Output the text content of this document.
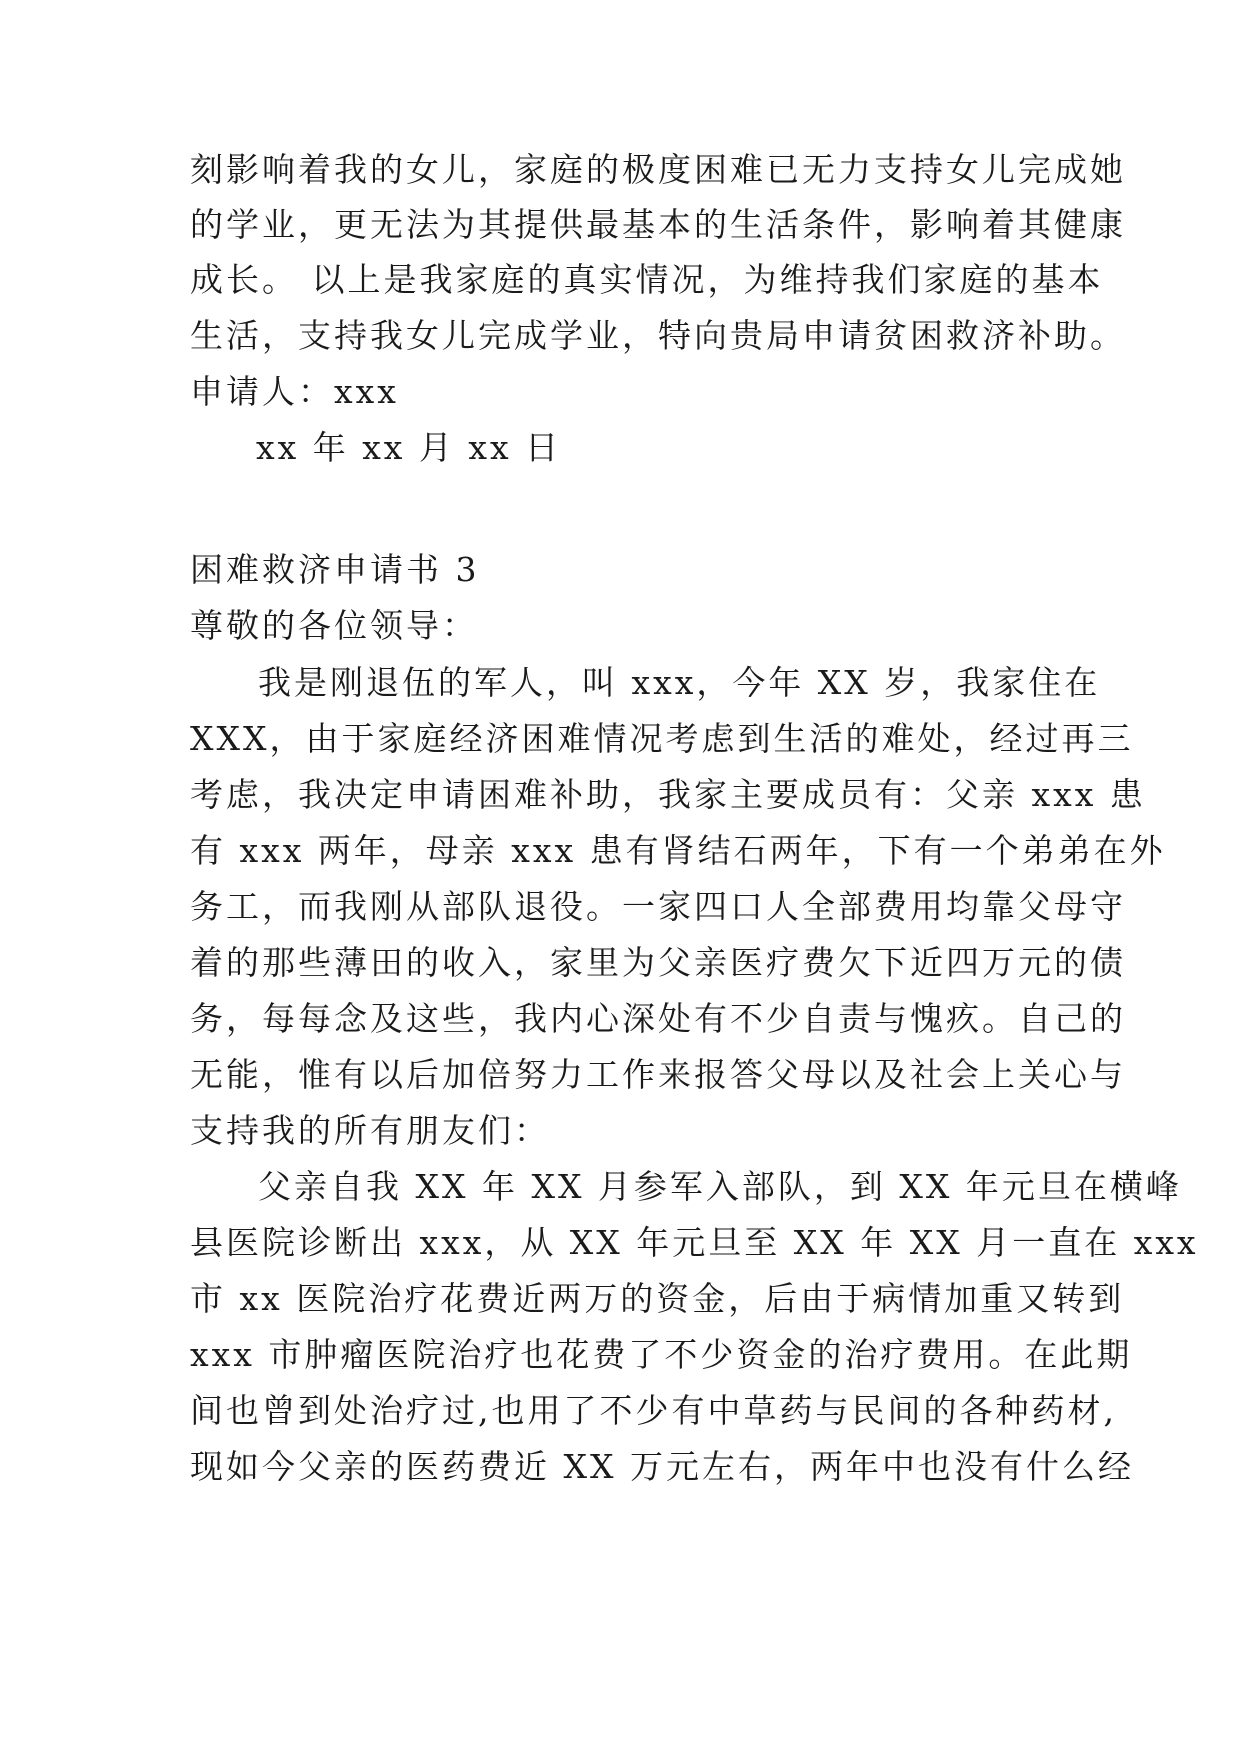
刻影响着我的女儿，家庭的极度困难已无力支持女儿完成她
的学业，更无法为其提供最基本的生活条件，影响着其健康
成长。 以上是我家庭的真实情况，为维持我们家庭的基本
生活，支持我女儿完成学业，特向贵局申请贫困救济补助。
申请人：xxx
xx 年 xx 月 xx 日
困难救济申请书 3
尊敬的各位领导：
我是刚退伍的军人，叫 xxx，今年 XX 岁，我家住在
XXX，由于家庭经济困难情况考虑到生活的难处，经过再三
考虑，我决定申请困难补助，我家主要成员有：父亲 xxx 患
有 xxx 两年，母亲 xxx 患有肾结石两年，下有一个弟弟在外
务工，而我刚从部队退役。一家四口人全部费用均靠父母守
着的那些薄田的收入，家里为父亲医疗费欠下近四万元的债
务，每每念及这些，我内心深处有不少自责与愧疚。自己的
无能，惟有以后加倍努力工作来报答父母以及社会上关心与
支持我的所有朋友们：
父亲自我 XX 年 XX 月参军入部队，到 XX 年元旦在横峰
县医院诊断出 xxx，从 XX 年元旦至 XX 年 XX 月一直在 xxx
市 xx 医院治疗花费近两万的资金，后由于病情加重又转到
xxx 市肿瘤医院治疗也花费了不少资金的治疗费用。在此期
间也曾到处治疗过,也用了不少有中草药与民间的各种药材,
现如今父亲的医药费近 XX 万元左右，两年中也没有什么经
